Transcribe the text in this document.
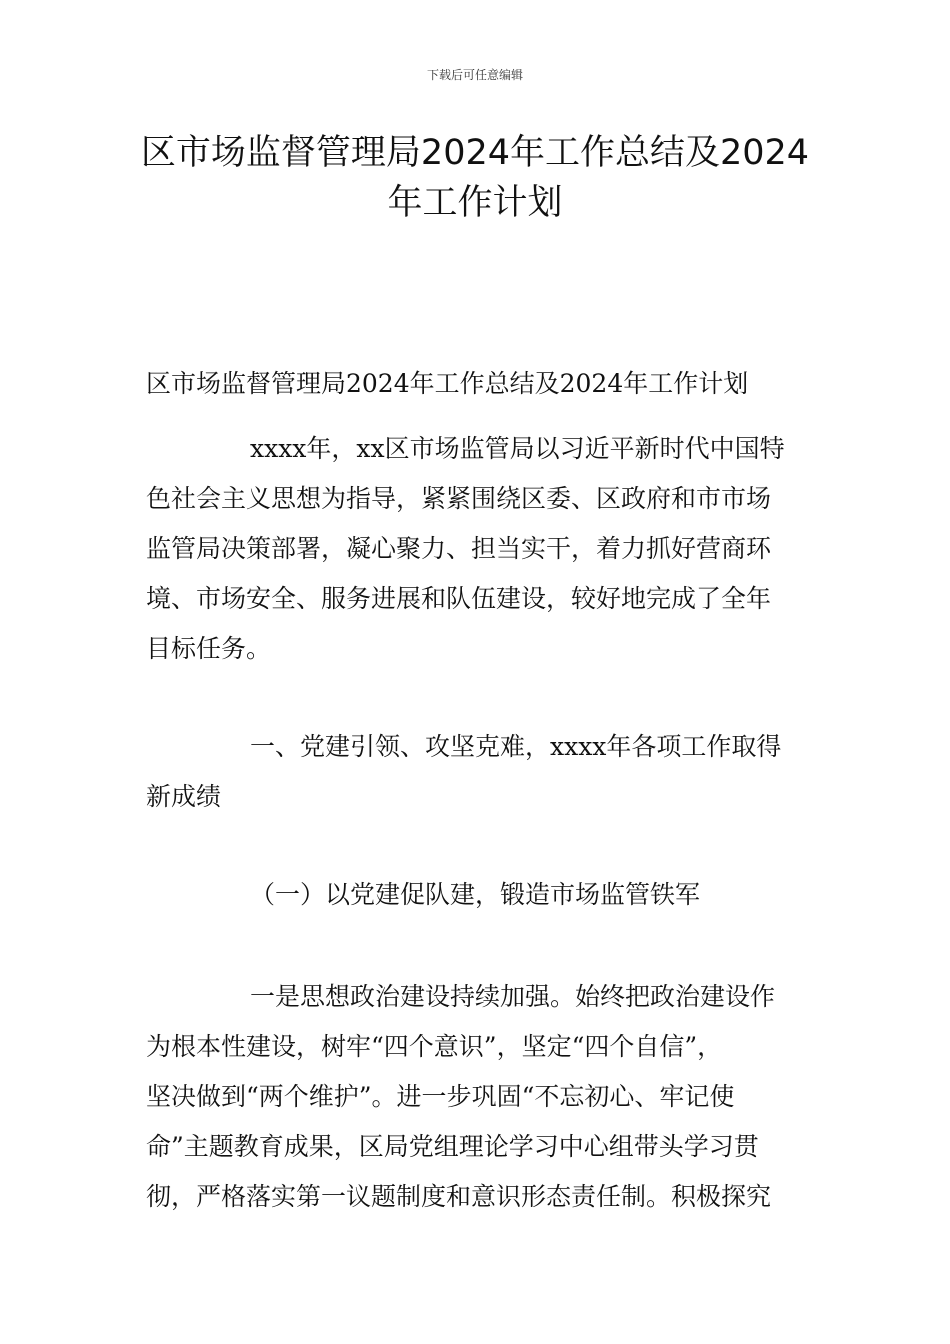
下载后可任意编辑
区市场监督管理局2024年工作总结及2024
年工作计划

区市场监督管理局2024年工作总结及2024年工作计划

xxxx年，xx区市场监管局以习近平新时代中国特
色社会主义思想为指导，紧紧围绕区委、区政府和市市场
监管局决策部署，凝心聚力、担当实干，着力抓好营商环
境、市场安全、服务进展和队伍建设，较好地完成了全年
目标任务。

一、党建引领、攻坚克难，xxxx年各项工作取得
新成绩

（一）以党建促队建，锻造市场监管铁军

一是思想政治建设持续加强。始终把政治建设作
为根本性建设，树牢“四个意识”，坚定“四个自信”，
坚决做到“两个维护”。进一步巩固“不忘初心、牢记使
命”主题教育成果，区局党组理论学习中心组带头学习贯
彻，严格落实第一议题制度和意识形态责任制。积极探究
